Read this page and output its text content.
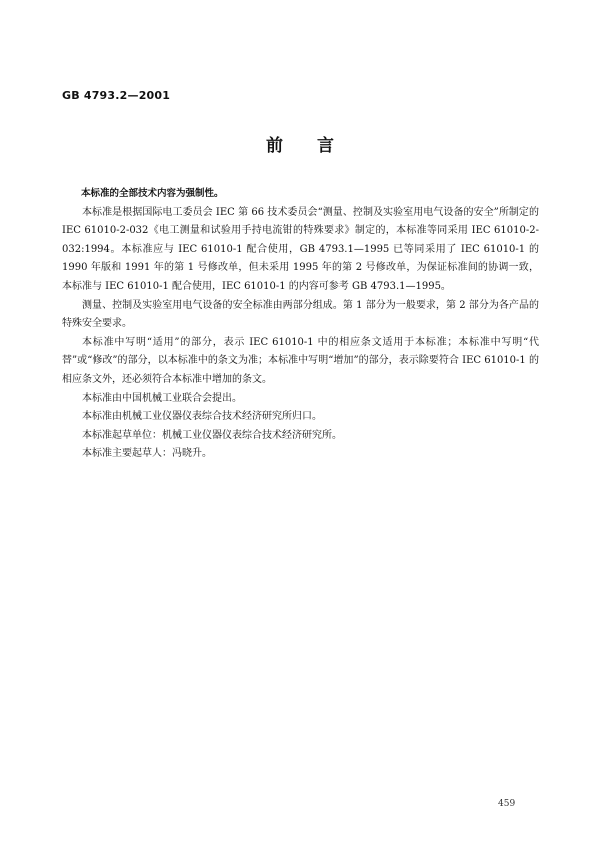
GB 4793.2—2001
前　　言

本标准的全部技术内容为强制性。

本标准是根据国际电工委员会 IEC 第 66 技术委员会“测量、控制及实验室用电气设备的安全”所制定的 IEC 61010-2-032《电工测量和试验用手持电流钳的特殊要求》制定的，本标准等同采用 IEC 61010-2-032:1994。本标准应与 IEC 61010-1 配合使用，GB 4793.1—1995 已等同采用了 IEC 61010-1 的 1990 年版和 1991 年的第 1 号修改单，但未采用 1995 年的第 2 号修改单，为保证标准间的协调一致，本标准与 IEC 61010-1 配合使用，IEC 61010-1 的内容可参考 GB 4793.1—1995。

测量、控制及实验室用电气设备的安全标准由两部分组成。第 1 部分为一般要求，第 2 部分为各产品的特殊安全要求。

本标准中写明“适用”的部分，表示 IEC 61010-1 中的相应条文适用于本标准；本标准中写明“代替”或“修改”的部分，以本标准中的条文为准；本标准中写明“增加”的部分，表示除要符合 IEC 61010-1 的相应条文外，还必须符合本标准中增加的条文。

本标准由中国机械工业联合会提出。

本标准由机械工业仪器仪表综合技术经济研究所归口。

本标准起草单位：机械工业仪器仪表综合技术经济研究所。

本标准主要起草人：冯晓升。

459
